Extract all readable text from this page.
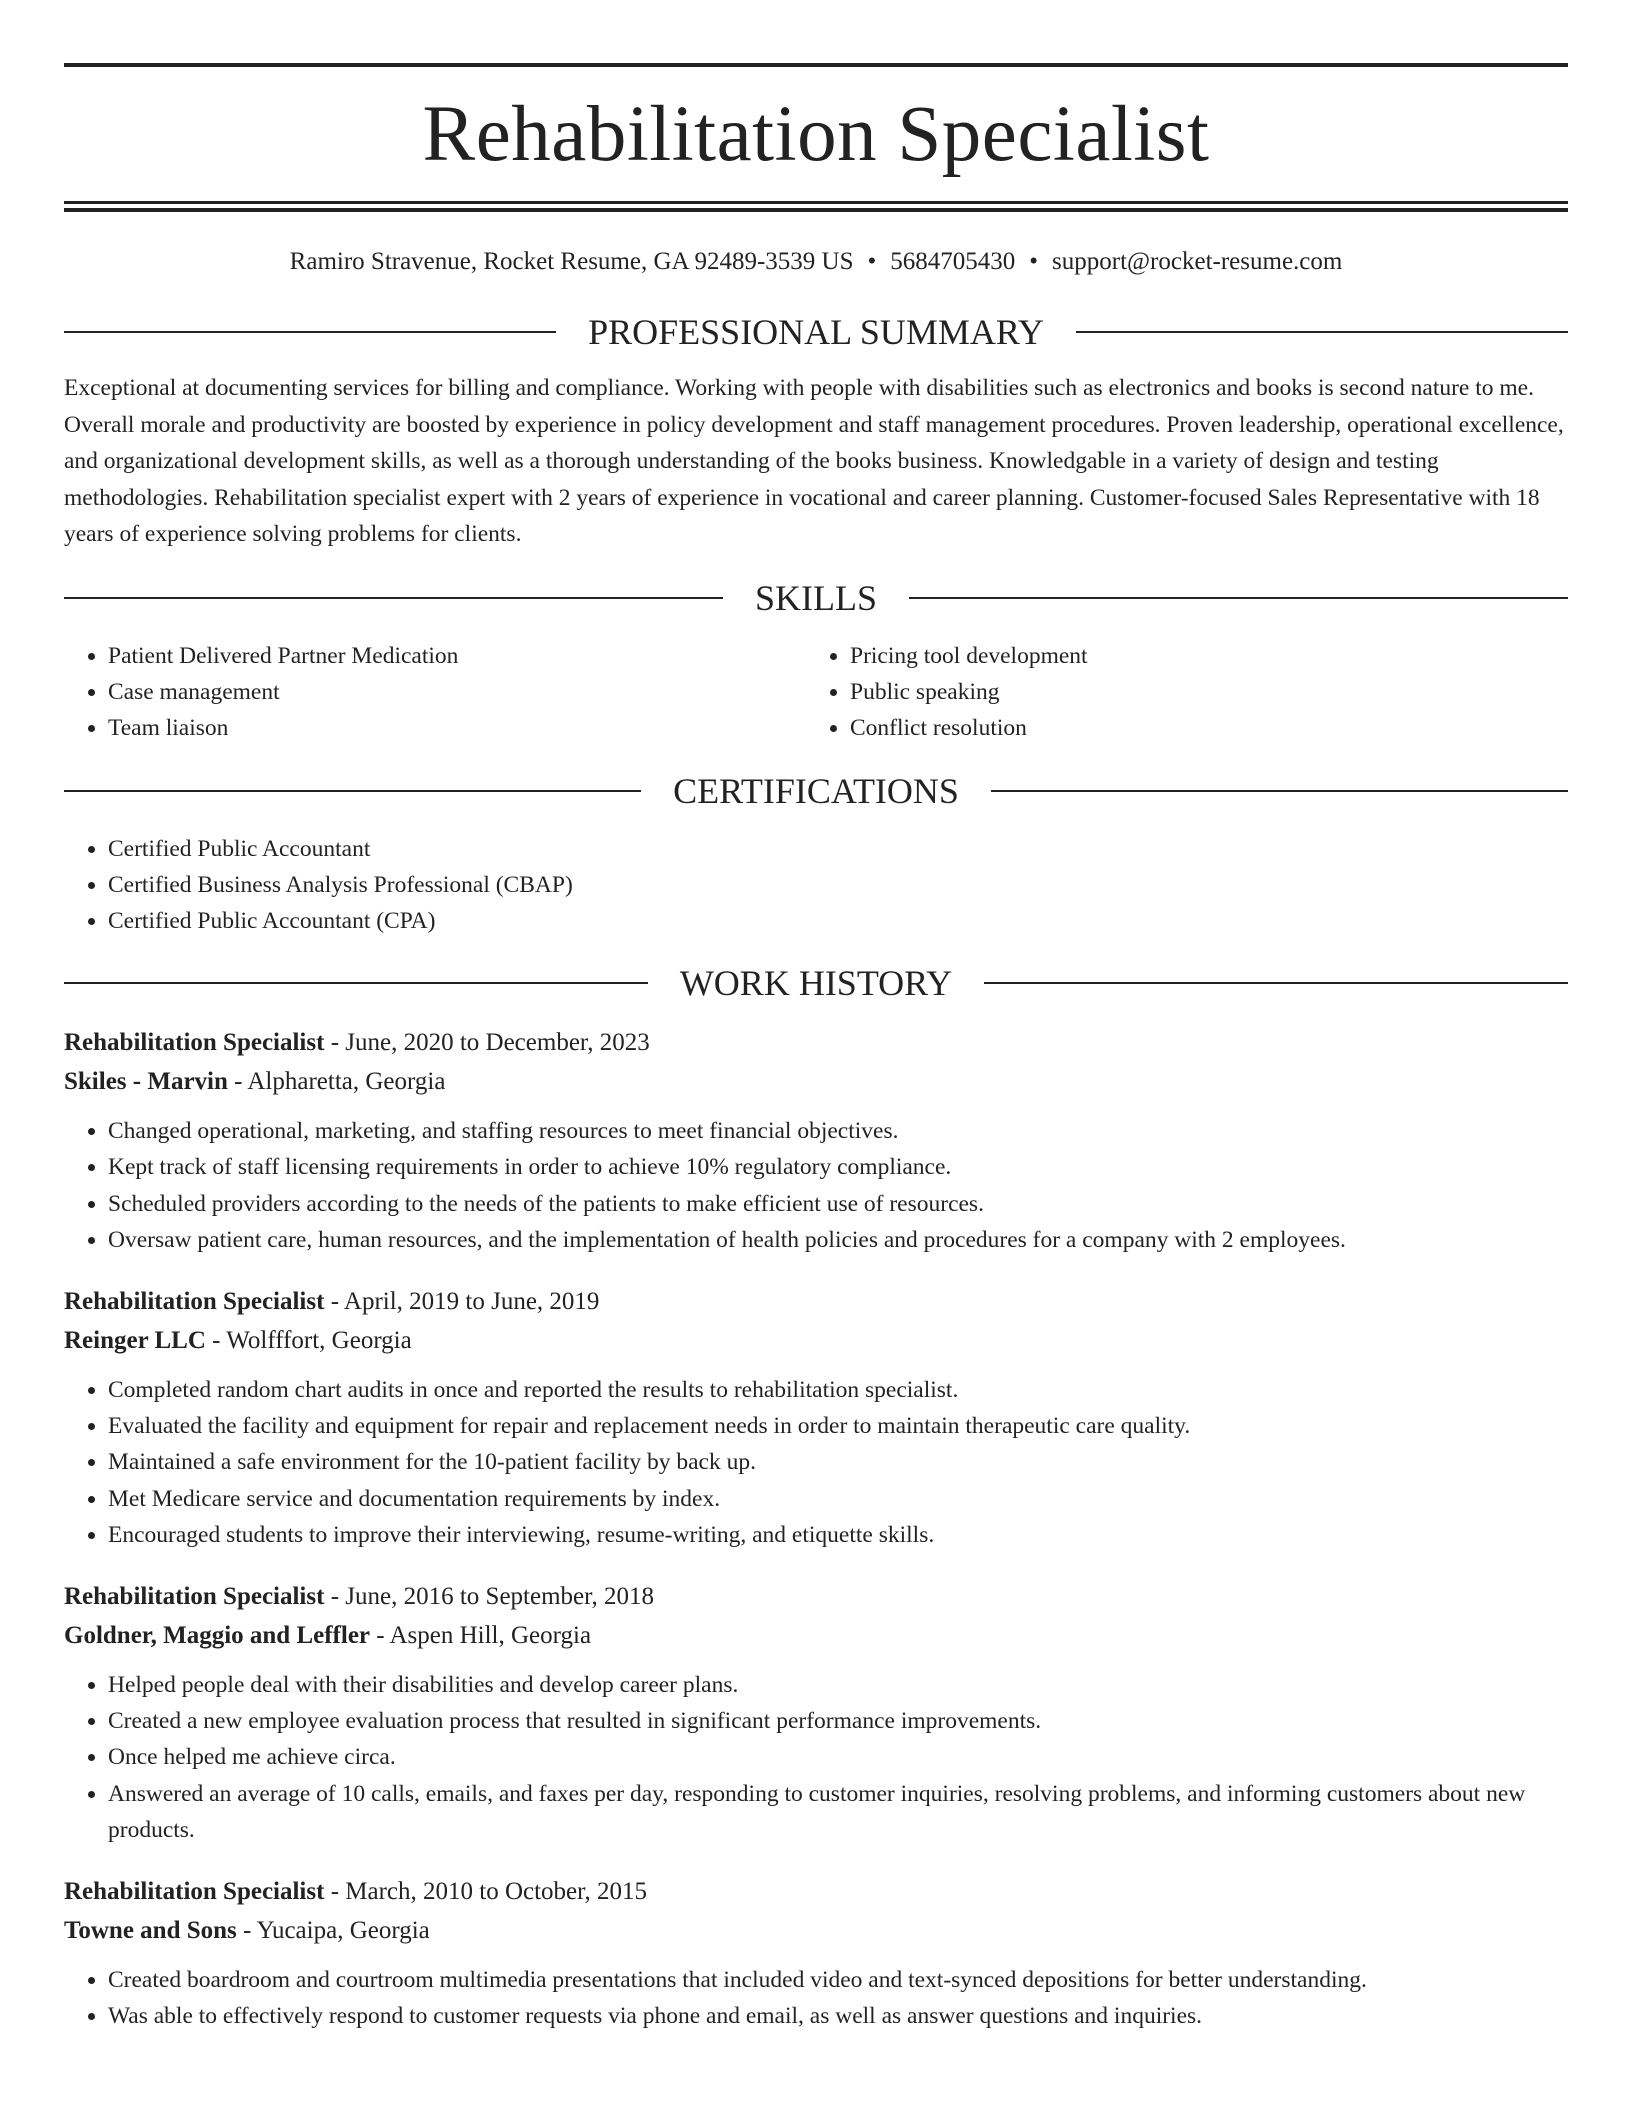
Rehabilitation Specialist
Ramiro Stravenue, Rocket Resume, GA 92489-3539 US • 5684705430 • support@rocket-resume.com
PROFESSIONAL SUMMARY

Exceptional at documenting services for billing and compliance. Working with people with disabilities such as electronics and books is second nature to me. Overall morale and productivity are boosted by experience in policy development and staff management procedures. Proven leadership, operational excellence, and organizational development skills, as well as a thorough understanding of the books business. Knowledgable in a variety of design and testing methodologies. Rehabilitation specialist expert with 2 years of experience in vocational and career planning. Customer-focused Sales Representative with 18 years of experience solving problems for clients.

SKILLS
• Patient Delivered Partner Medication
• Case management
• Team liaison
• Pricing tool development
• Public speaking
• Conflict resolution
CERTIFICATIONS
• Certified Public Accountant
• Certified Business Analysis Professional (CBAP)
• Certified Public Accountant (CPA)
WORK HISTORY
Rehabilitation Specialist - June, 2020 to December, 2023
Skiles - Marvin - Alpharetta, Georgia
• Changed operational, marketing, and staffing resources to meet financial objectives.
• Kept track of staff licensing requirements in order to achieve 10% regulatory compliance.
• Scheduled providers according to the needs of the patients to make efficient use of resources.
• Oversaw patient care, human resources, and the implementation of health policies and procedures for a company with 2 employees.
Rehabilitation Specialist - April, 2019 to June, 2019
Reinger LLC - Wolfffort, Georgia
• Completed random chart audits in once and reported the results to rehabilitation specialist.
• Evaluated the facility and equipment for repair and replacement needs in order to maintain therapeutic care quality.
• Maintained a safe environment for the 10-patient facility by back up.
• Met Medicare service and documentation requirements by index.
• Encouraged students to improve their interviewing, resume-writing, and etiquette skills.
Rehabilitation Specialist - June, 2016 to September, 2018
Goldner, Maggio and Leffler - Aspen Hill, Georgia
• Helped people deal with their disabilities and develop career plans.
• Created a new employee evaluation process that resulted in significant performance improvements.
• Once helped me achieve circa.
• Answered an average of 10 calls, emails, and faxes per day, responding to customer inquiries, resolving problems, and informing customers about new products.
Rehabilitation Specialist - March, 2010 to October, 2015
Towne and Sons - Yucaipa, Georgia
• Created boardroom and courtroom multimedia presentations that included video and text-synced depositions for better understanding.
• Was able to effectively respond to customer requests via phone and email, as well as answer questions and inquiries.
